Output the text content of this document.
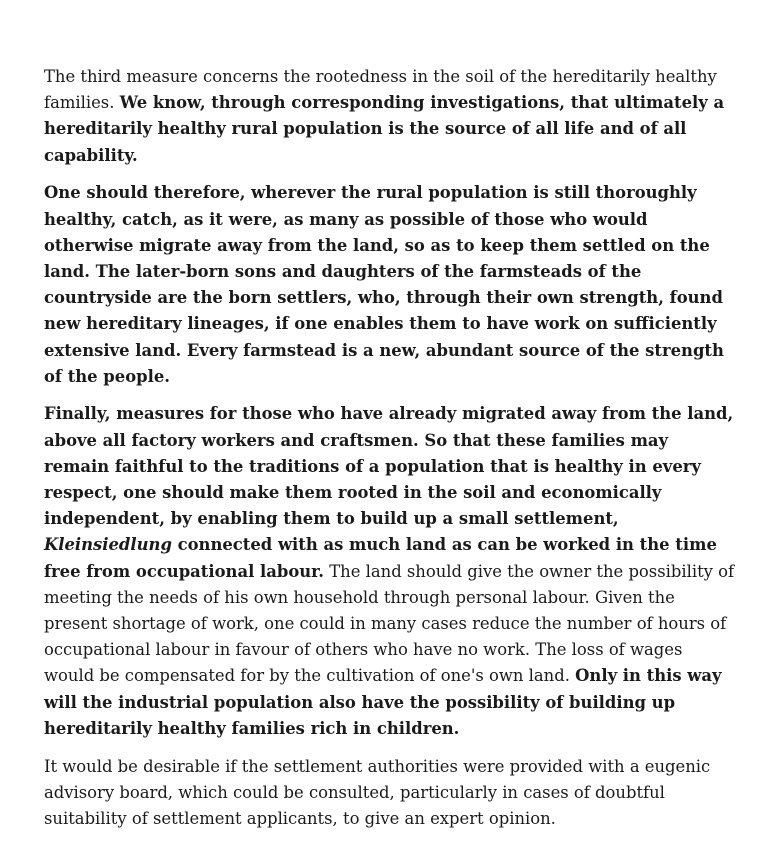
The third measure concerns the rootedness in the soil of the hereditarily healthy families. We know, through corresponding investigations, that ultimately a hereditarily healthy rural population is the source of all life and of all capability.

One should therefore, wherever the rural population is still thoroughly healthy, catch, as it were, as many as possible of those who would otherwise migrate away from the land, so as to keep them settled on the land. The later-born sons and daughters of the farmsteads of the countryside are the born settlers, who, through their own strength, found new hereditary lineages, if one enables them to have work on sufficiently extensive land. Every farmstead is a new, abundant source of the strength of the people.

Finally, measures for those who have already migrated away from the land, above all factory workers and craftsmen. So that these families may remain faithful to the traditions of a population that is healthy in every respect, one should make them rooted in the soil and economically independent, by enabling them to build up a small settlement, Kleinsiedlung connected with as much land as can be worked in the time free from occupational labour. The land should give the owner the possibility of meeting the needs of his own household through personal labour. Given the present shortage of work, one could in many cases reduce the number of hours of occupational labour in favour of others who have no work. The loss of wages would be compensated for by the cultivation of one's own land. Only in this way will the industrial population also have the possibility of building up hereditarily healthy families rich in children.

It would be desirable if the settlement authorities were provided with a eugenic advisory board, which could be consulted, particularly in cases of doubtful suitability of settlement applicants, to give an expert opinion.
